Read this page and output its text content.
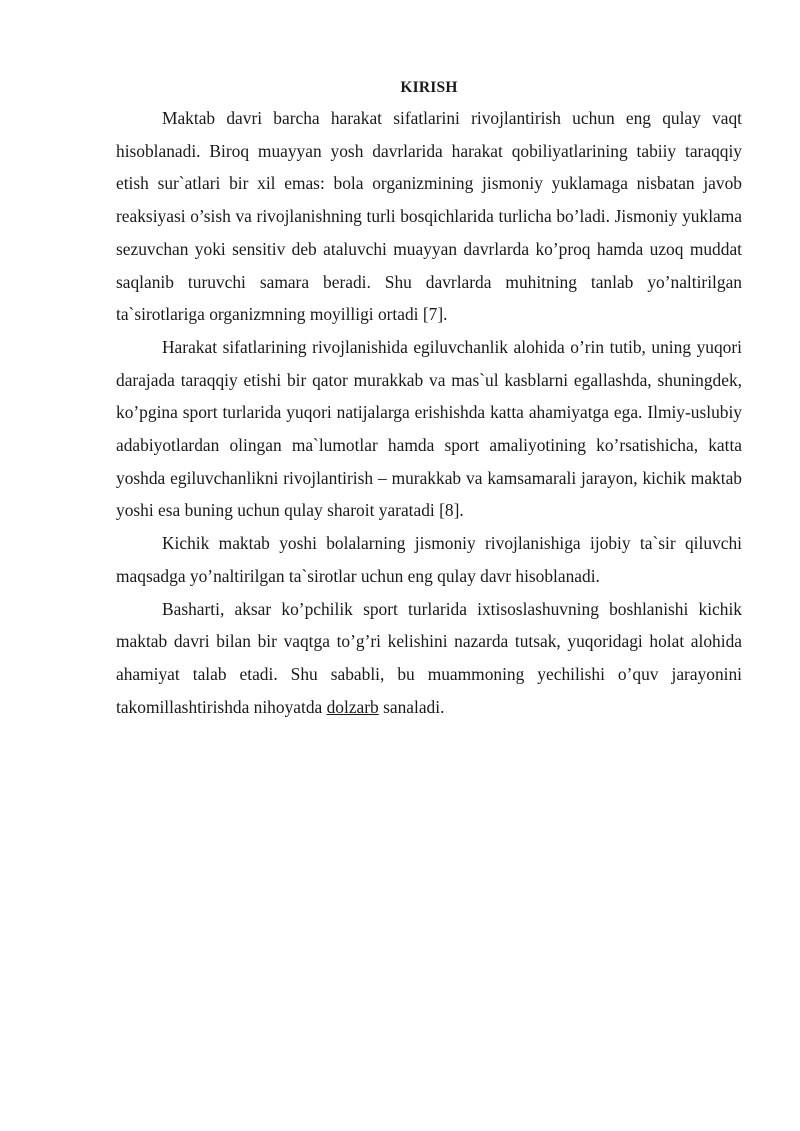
KIRISH

Maktab davri barcha harakat sifatlarini rivojlantirish uchun eng qulay vaqt hisoblanadi. Biroq muayyan yosh davrlarida harakat qobiliyatlarining tabiiy taraqqiy etish sur`atlari bir xil emas: bola organizmining jismoniy yuklamaga nisbatan javob reaksiyasi o’sish va rivojlanishning turli bosqichlarida turlicha bo’ladi. Jismoniy yuklama sezuvchan yoki sensitiv deb ataluvchi muayyan davrlarda ko’proq hamda uzoq muddat saqlanib turuvchi samara beradi. Shu davrlarda muhitning tanlab yo’naltirilgan ta`sirotlariga organizmning moyilligi ortadi [7].

Harakat sifatlarining rivojlanishida egiluvchanlik alohida o’rin tutib, uning yuqori darajada taraqqiy etishi bir qator murakkab va mas`ul kasblarni egallashda, shuningdek, ko’pgina sport turlarida yuqori natijalarga erishishda katta ahamiyatga ega. Ilmiy-uslubiy adabiyotlardan olingan ma`lumotlar hamda sport amaliyotining ko’rsatishicha, katta yoshda egiluvchanlikni rivojlantirish – murakkab va kamsamarali jarayon, kichik maktab yoshi esa buning uchun qulay sharoit yaratadi [8].

Kichik maktab yoshi bolalarning jismoniy rivojlanishiga ijobiy ta`sir qiluvchi maqsadga yo’naltirilgan ta`sirotlar uchun eng qulay davr hisoblanadi.

Basharti, aksar ko’pchilik sport turlarida ixtisoslashuvning boshlanishi kichik maktab davri bilan bir vaqtga to’g’ri kelishini nazarda tutsak, yuqoridagi holat alohida ahamiyat talab etadi. Shu sababli, bu muammoning yechilishi o’quv jarayonini takomillashtirishda nihoyatda dolzarb sanaladi.
